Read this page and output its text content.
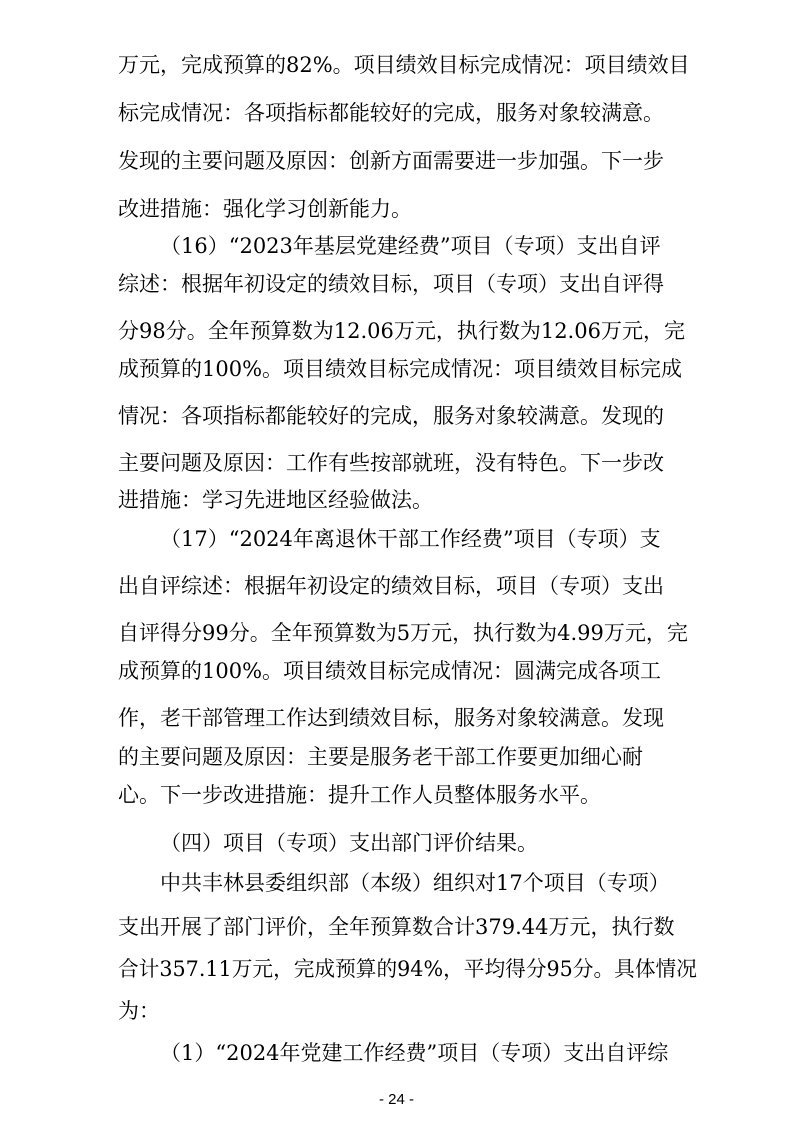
万元，完成预算的82%。项目绩效目标完成情况：项目绩效目
标完成情况：各项指标都能较好的完成，服务对象较满意。
发现的主要问题及原因：创新方面需要进一步加强。下一步
改进措施：强化学习创新能力。
（16）“2023年基层党建经费”项目（专项）支出自评
综述：根据年初设定的绩效目标，项目（专项）支出自评得
分98分。全年预算数为12.06万元，执行数为12.06万元，完
成预算的100%。项目绩效目标完成情况：项目绩效目标完成
情况：各项指标都能较好的完成，服务对象较满意。发现的
主要问题及原因：工作有些按部就班，没有特色。下一步改
进措施：学习先进地区经验做法。
（17）“2024年离退休干部工作经费”项目（专项）支
出自评综述：根据年初设定的绩效目标，项目（专项）支出
自评得分99分。全年预算数为5万元，执行数为4.99万元，完
成预算的100%。项目绩效目标完成情况：圆满完成各项工
作，老干部管理工作达到绩效目标，服务对象较满意。发现
的主要问题及原因：主要是服务老干部工作要更加细心耐
心。下一步改进措施：提升工作人员整体服务水平。
（四）项目（专项）支出部门评价结果。
中共丰林县委组织部（本级）组织对17个项目（专项）
支出开展了部门评价，全年预算数合计379.44万元，执行数
合计357.11万元，完成预算的94%，平均得分95分。具体情况
为：
（1）“2024年党建工作经费”项目（专项）支出自评综
- 24 -
